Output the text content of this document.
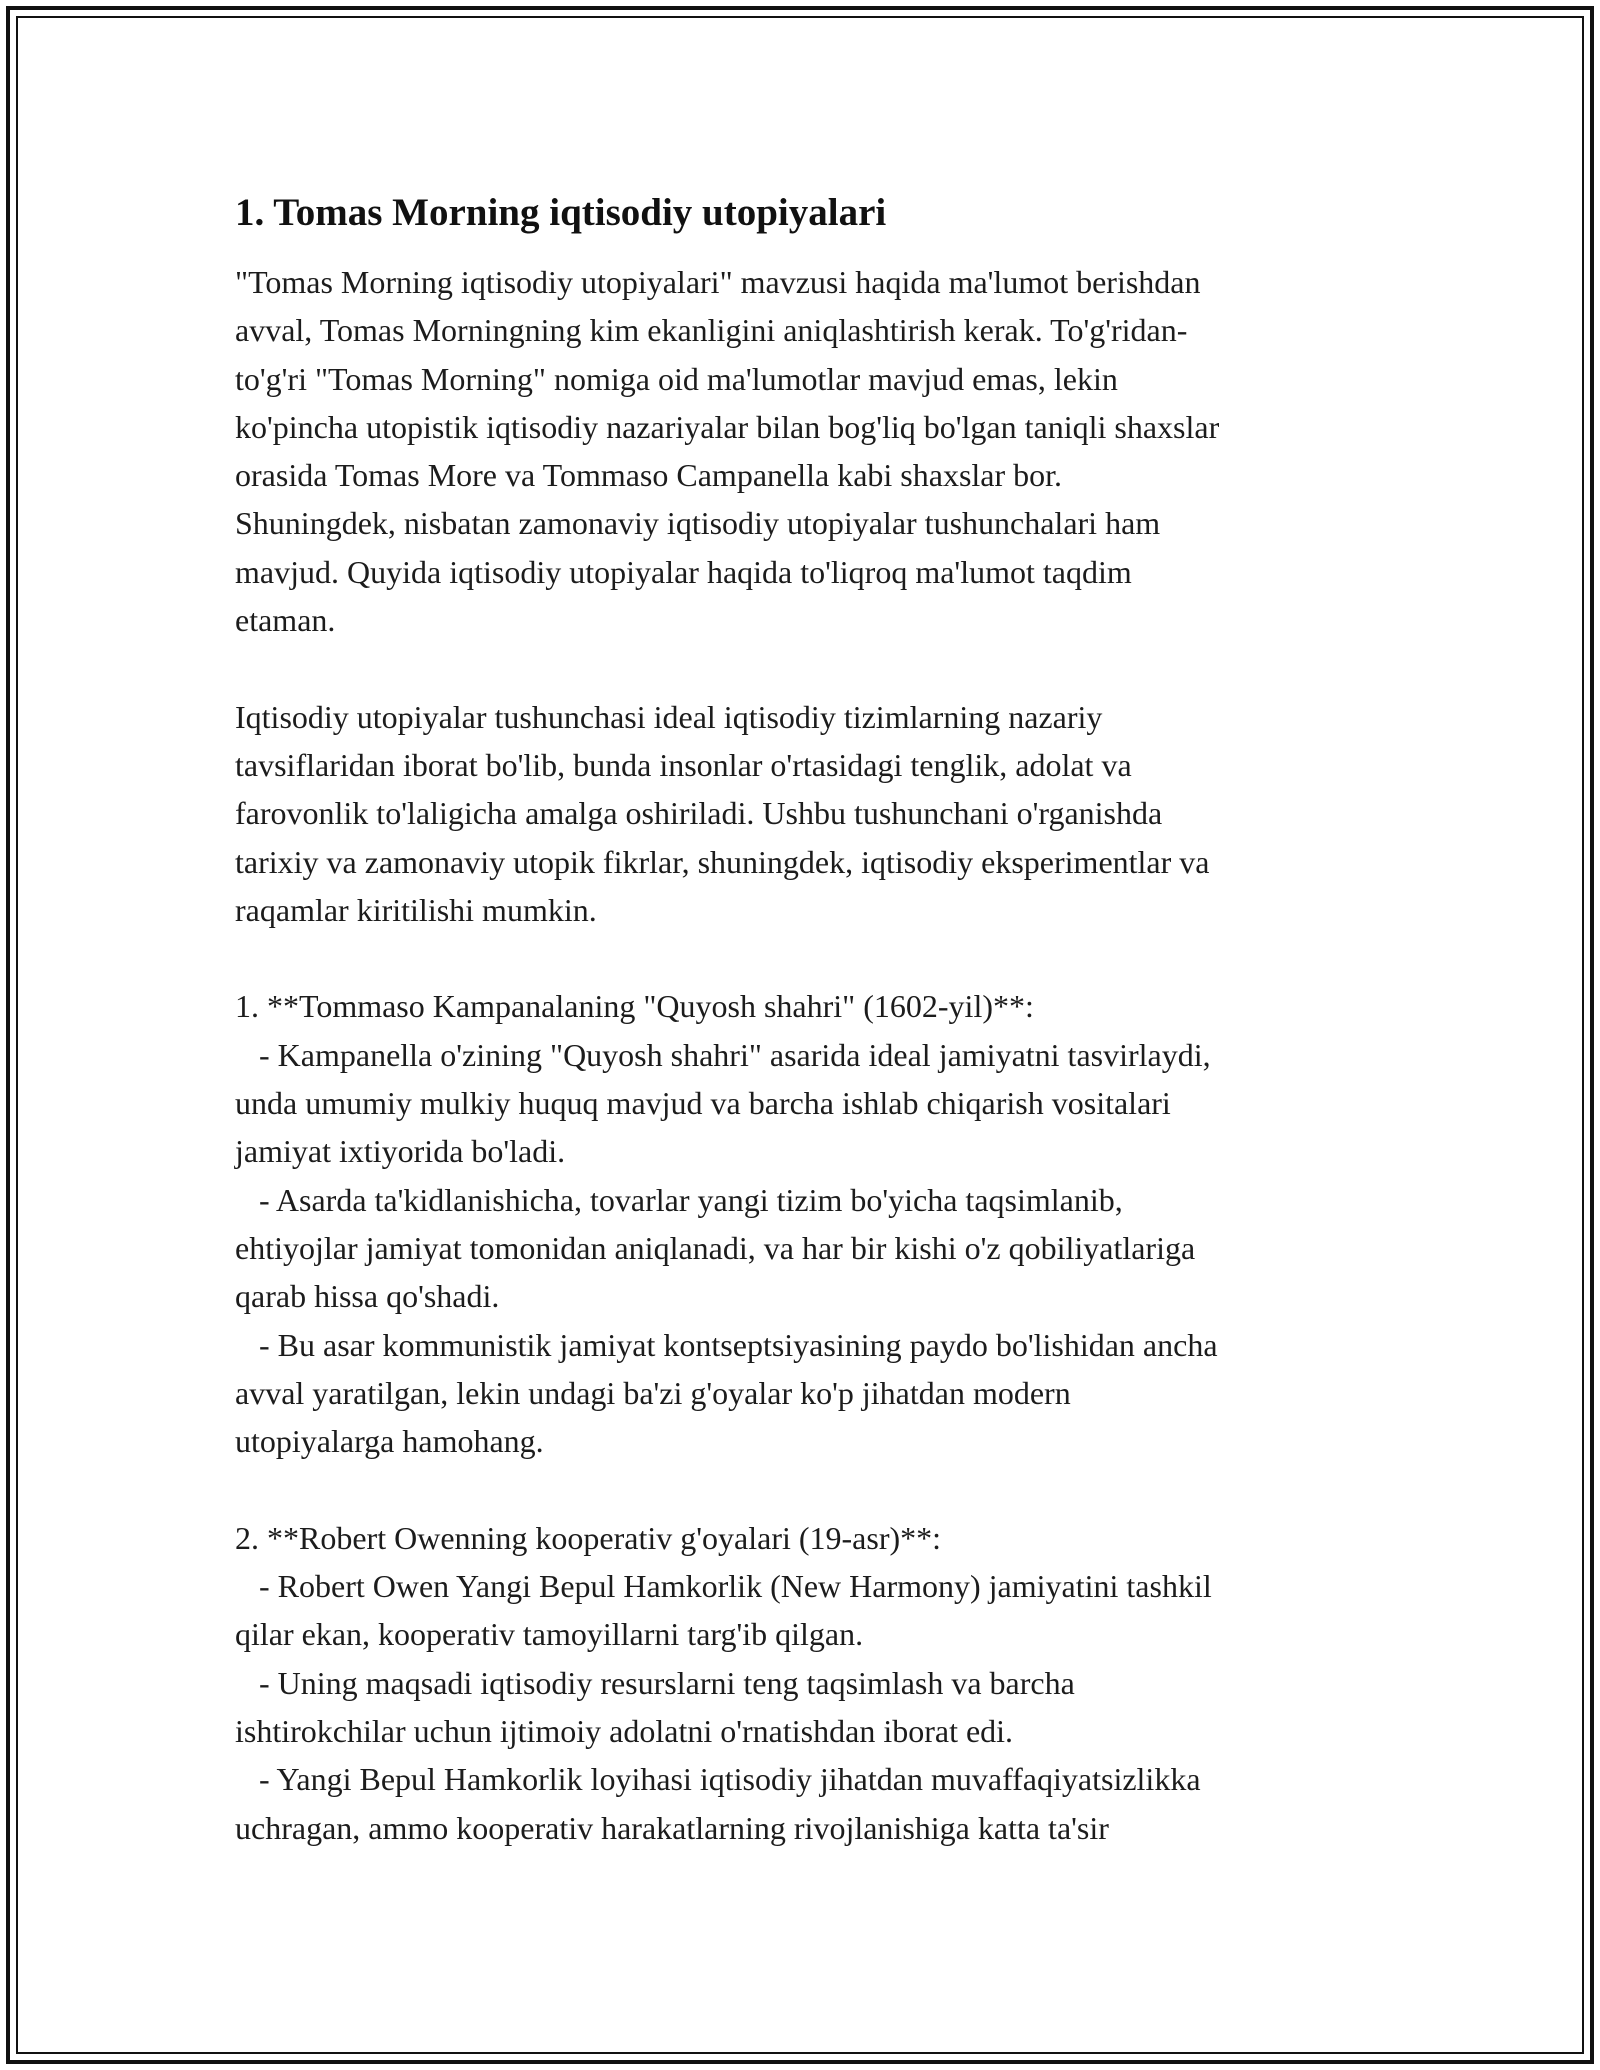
1. Tomas Morning iqtisodiy utopiyalari
"Tomas Morning iqtisodiy utopiyalari" mavzusi haqida ma'lumot berishdan
avval, Tomas Morningning kim ekanligini aniqlashtirish kerak. To'g'ridan-
to'g'ri "Tomas Morning" nomiga oid ma'lumotlar mavjud emas, lekin
ko'pincha utopistik iqtisodiy nazariyalar bilan bog'liq bo'lgan taniqli shaxslar
orasida Tomas More va Tommaso Campanella kabi shaxslar bor.
Shuningdek, nisbatan zamonaviy iqtisodiy utopiyalar tushunchalari ham
mavjud. Quyida iqtisodiy utopiyalar haqida to'liqroq ma'lumot taqdim
etaman.
Iqtisodiy utopiyalar tushunchasi ideal iqtisodiy tizimlarning nazariy
tavsiflaridan iborat bo'lib, bunda insonlar o'rtasidagi tenglik, adolat va
farovonlik to'laligicha amalga oshiriladi. Ushbu tushunchani o'rganishda
tarixiy va zamonaviy utopik fikrlar, shuningdek, iqtisodiy eksperimentlar va
raqamlar kiritilishi mumkin.
1. **Tommaso Kampanalaning "Quyosh shahri" (1602-yil)**:
- Kampanella o'zining "Quyosh shahri" asarida ideal jamiyatni tasvirlaydi,
unda umumiy mulkiy huquq mavjud va barcha ishlab chiqarish vositalari
jamiyat ixtiyorida bo'ladi.
- Asarda ta'kidlanishicha, tovarlar yangi tizim bo'yicha taqsimlanib,
ehtiyojlar jamiyat tomonidan aniqlanadi, va har bir kishi o'z qobiliyatlariga
qarab hissa qo'shadi.
- Bu asar kommunistik jamiyat kontseptsiyasining paydo bo'lishidan ancha
avval yaratilgan, lekin undagi ba'zi g'oyalar ko'p jihatdan modern
utopiyalarga hamohang.
2. **Robert Owenning kooperativ g'oyalari (19-asr)**:
- Robert Owen Yangi Bepul Hamkorlik (New Harmony) jamiyatini tashkil
qilar ekan, kooperativ tamoyillarni targ'ib qilgan.
- Uning maqsadi iqtisodiy resurslarni teng taqsimlash va barcha
ishtirokchilar uchun ijtimoiy adolatni o'rnatishdan iborat edi.
- Yangi Bepul Hamkorlik loyihasi iqtisodiy jihatdan muvaffaqiyatsizlikka
uchragan, ammo kooperativ harakatlarning rivojlanishiga katta ta'sir
